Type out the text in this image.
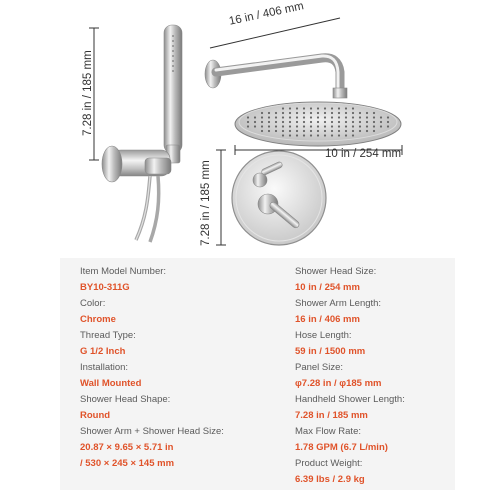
16 in / 406 mm
7.28 in / 185 mm
10 in / 254 mm
7.28 in / 185 mm
Item Model Number:
BY10-311G
Color:
Chrome
Thread Type:
G 1/2 Inch
Installation:
Wall Mounted
Shower Head Shape:
Round
Shower Arm + Shower Head Size:
20.87 × 9.65 × 5.71 in
/ 530 × 245 × 145 mm
Shower Head Size:
10 in / 254 mm
Shower Arm Length:
16 in / 406 mm
Hose Length:
59 in / 1500 mm
Panel Size:
φ7.28 in / φ185 mm
Handheld Shower Length:
7.28 in / 185 mm
Max Flow Rate:
1.78 GPM (6.7 L/min)
Product Weight:
6.39 lbs / 2.9 kg
